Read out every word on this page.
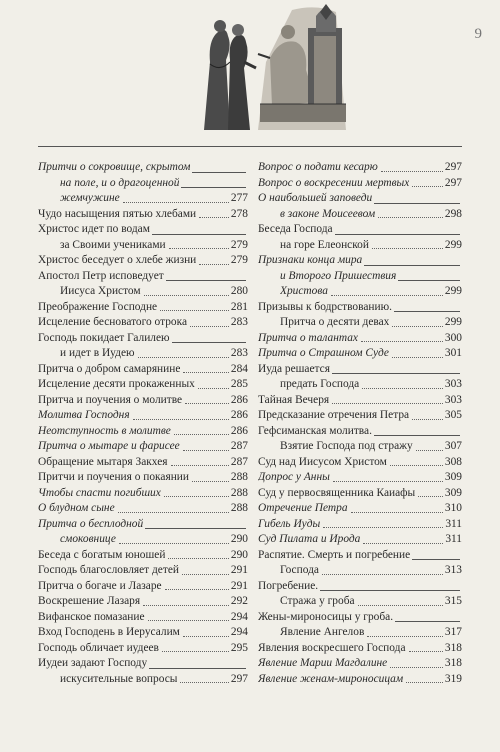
9
Притчи о сокровище, скрытом
на поле, и о драгоценной
жемчужине	277
Чудо насыщения пятью хлебами	278
Христос идет по водам
за Своими учениками	279
Христос беседует о хлебе жизни	279
Апостол Петр исповедует
Иисуса Христом	280
Преображение Господне	281
Исцеление бесноватого отрока	283
Господь покидает Галилею
и идет в Иудею	283
Притча о добром самарянине	284
Исцеление десяти прокаженных	285
Притча и поучения о молитве	286
Молитва Господня	286
Неотступность в молитве	286
Притча о мытаре и фарисее	287
Обращение мытаря Закхея	287
Притчи и поучения о покаянии	288
Чтобы спасти погибших	288
О блудном сыне	288
Притча о бесплодной
смоковнице	290
Беседа с богатым юношей	290
Господь благословляет детей	291
Притча о богаче и Лазаре	291
Воскрешение Лазаря	292
Вифанское помазание	294
Вход Господень в Иерусалим	294
Господь обличает иудеев	295
Иудеи задают Господу
искусительные вопросы	297
Вопрос о подати кесарю	297
Вопрос о воскресении мертвых	297
О наибольшей заповеди
в законе Моисеевом	298
Беседа Господа
на горе Елеонской	299
Признаки конца мира
и Второго Пришествия
Христова	299
Призывы к бодрствованию.
Притча о десяти девах	299
Притча о талантах	300
Притча о Страшном Суде	301
Иуда решается
предать Господа	303
Тайная Вечеря	303
Предсказание отречения Петра	305
Гефсиманская молитва.
Взятие Господа под стражу	307
Суд над Иисусом Христом	308
Допрос у Анны	309
Суд у первосвященника Каиафы	309
Отречение Петра	310
Гибель Иуды	311
Суд Пилата и Ирода	311
Распятие. Смерть и погребение
Господа	313
Погребение.
Стража у гроба	315
Жены-мироносицы у гроба.
Явление Ангелов	317
Явления воскресшего Господа	318
Явление Марии Магдалине	318
Явление женам-мироносицам	319
